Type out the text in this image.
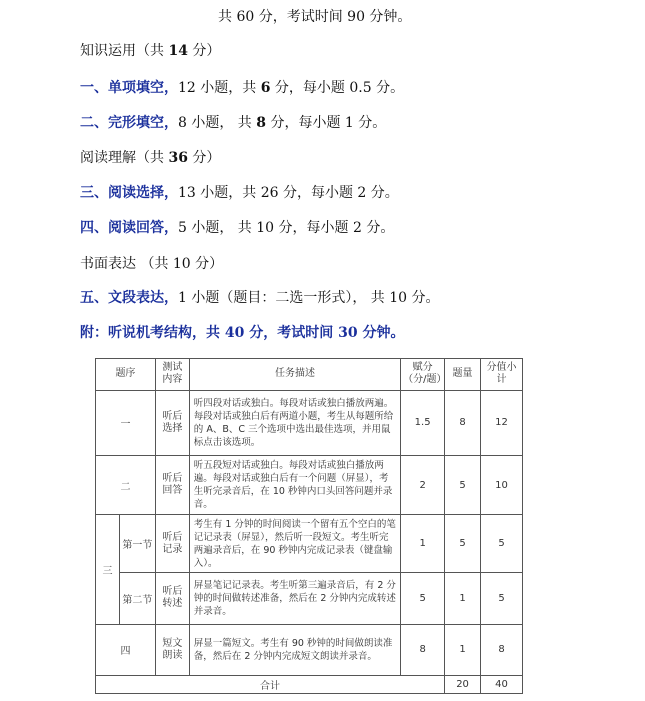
共 60 分，考试时间 90 分钟。
知识运用（共 14 分）
一、单项填空，12 小题，共 6 分，每小题 0.5 分。
二、完形填空，8 小题， 共 8 分，每小题 1 分。
阅读理解（共 36 分）
三、阅读选择，13 小题，共 26 分，每小题 2 分。
四、阅读回答，5 小题， 共 10 分，每小题 2 分。
书面表达 （共 10 分）
五、文段表达，1 小题（题目：二选一形式）， 共 10 分。
附：听说机考结构，共 40 分，考试时间 30 分钟。
题序		测试内容	任务描述	赋分（分/题）	题量	分值小计
一		听后选择	听四段对话或独白。每段对话或独白播放两遍。每段对话或独白后有两道小题，考生从每题所给的 A、B、C 三个选项中选出最佳选项，并用鼠标点击该选项。	1.5	8	12
二		听后回答	听五段短对话或独白。每段对话或独白播放两遍。每段对话或独白后有一个问题（屏显），考生听完录音后，在 10 秒钟内口头回答问题并录音。	2	5	10
三	第一节	听后记录	考生有 1 分钟的时间阅读一个留有五个空白的笔记记录表（屏显），然后听一段短文。考生听完两遍录音后，在 90 秒钟内完成记录表（键盘输入）。	1	5	5
	第二节	听后转述	屏显笔记记录表。考生听第三遍录音后，有 2 分钟的时间做转述准备，然后在 2 分钟内完成转述并录音。	5	1	5
四		短文朗读	屏显一篇短文。考生有 90 秒钟的时间做朗读准备，然后在 2 分钟内完成短文朗读并录音。	8	1	8
合计					20	40
